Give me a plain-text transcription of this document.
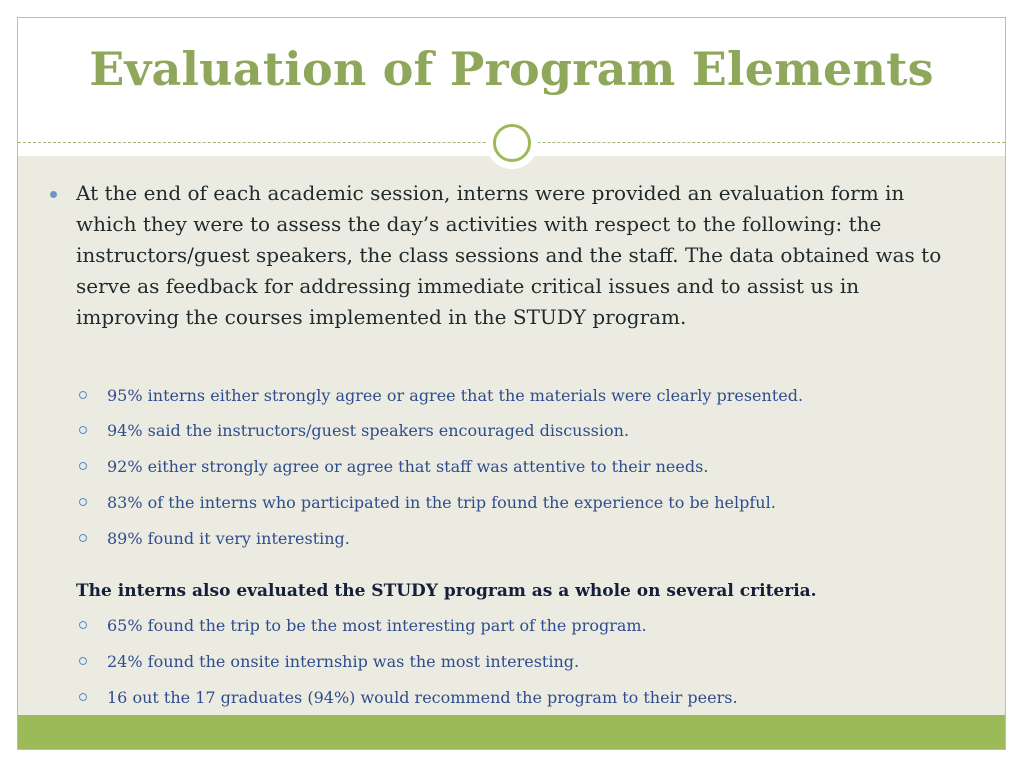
Evaluation of Program Elements
At the end of each academic session, interns were provided an evaluation form in which they were to assess the day’s activities with respect to the following: the instructors/guest speakers, the class sessions and the staff. The data obtained was to serve as feedback for addressing immediate critical issues and to assist us in improving the courses implemented in the STUDY program.
95% interns either strongly agree or agree that the materials were clearly presented.
94% said the instructors/guest speakers encouraged discussion.
92% either strongly agree or agree that staff was attentive to their needs.
83% of the interns who participated in the trip found the experience to be helpful.
89% found it very interesting.
The interns also evaluated the STUDY program as a whole on several criteria.
65% found the trip to be the most interesting part of the program.
24% found the onsite internship was the most interesting.
16 out the 17 graduates (94%) would recommend the program to their peers.
